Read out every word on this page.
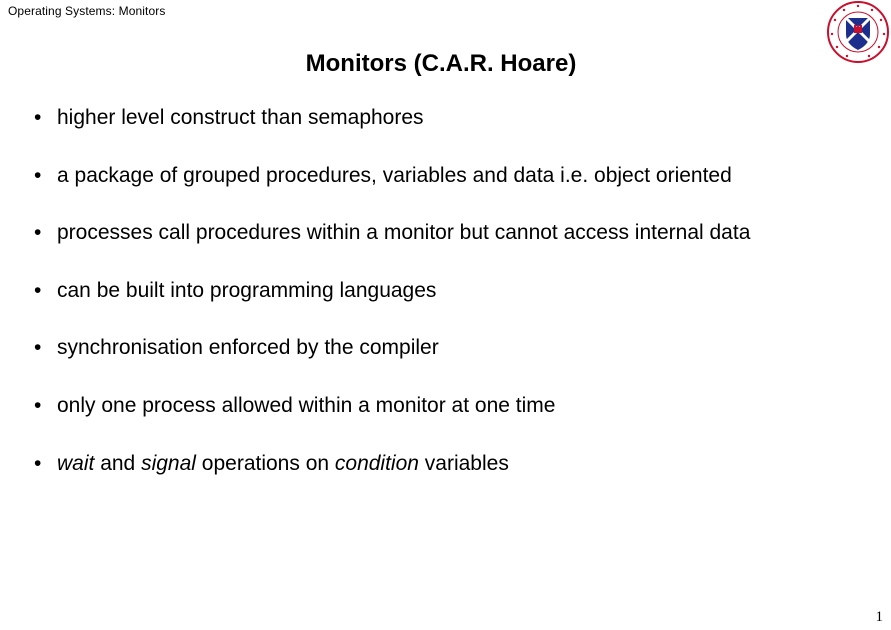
Operating Systems: Monitors
Monitors (C.A.R. Hoare)
• higher level construct than semaphores
• a package of grouped procedures, variables and data i.e. object oriented
• processes call procedures within a monitor but cannot access internal data
• can be built into programming languages
• synchronisation enforced by the compiler
• only one process allowed within a monitor at one time
• wait and signal operations on condition variables
1
